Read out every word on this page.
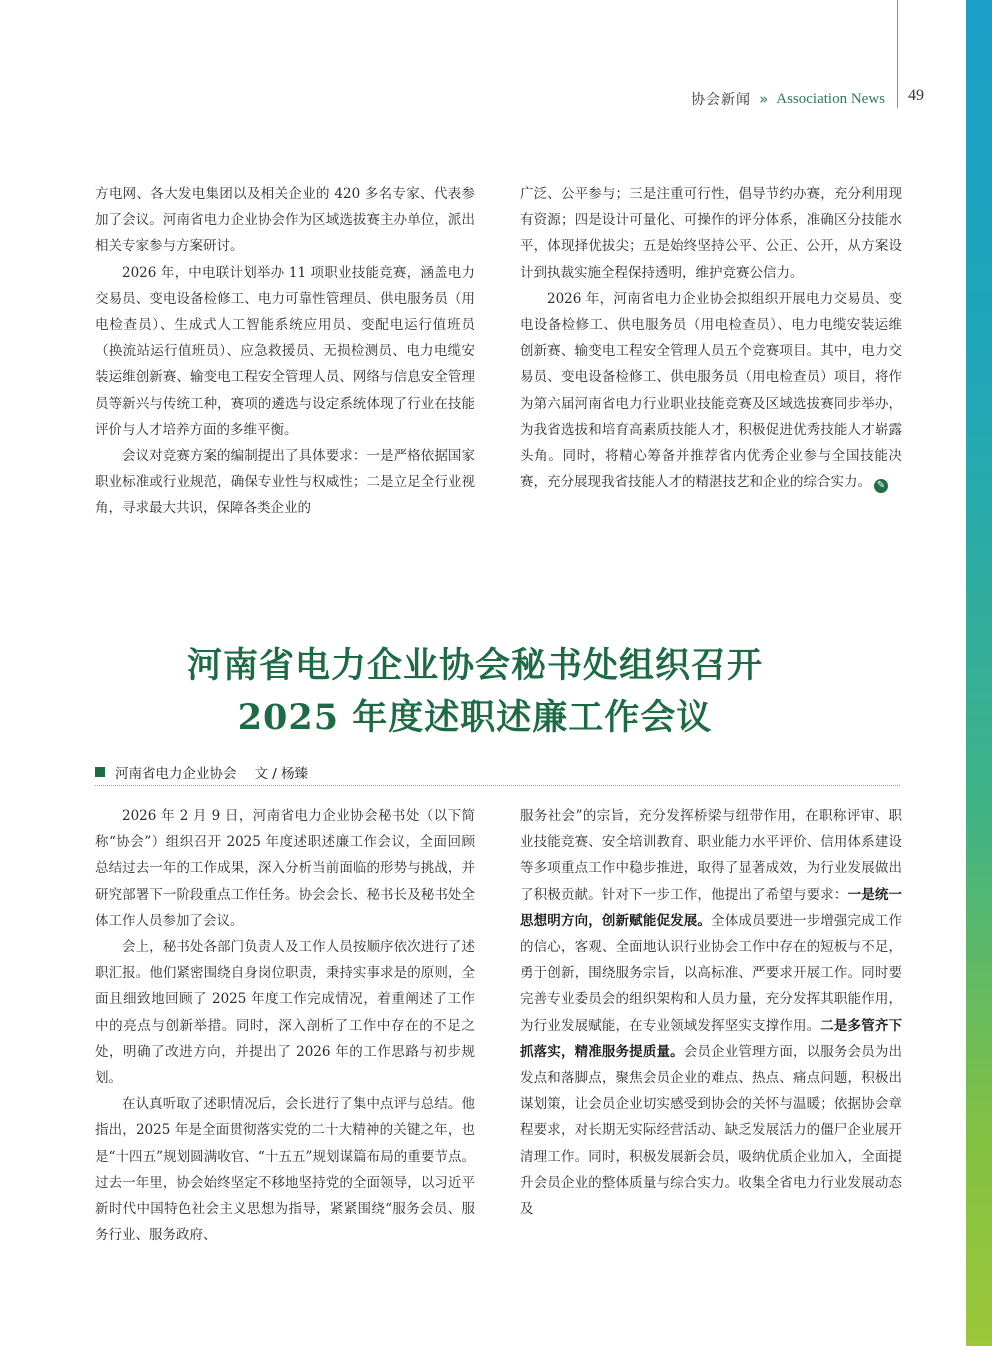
协会新闻 » Association News 49

方电网、各大发电集团以及相关企业的 420 多名专家、代表参加了会议。河南省电力企业协会作为区域选拔赛主办单位，派出相关专家参与方案研讨。

2026 年，中电联计划举办 11 项职业技能竞赛，涵盖电力交易员、变电设备检修工、电力可靠性管理员、供电服务员（用电检查员）、生成式人工智能系统应用员、变配电运行值班员（换流站运行值班员）、应急救援员、无损检测员、电力电缆安装运维创新赛、输变电工程安全管理人员、网络与信息安全管理员等新兴与传统工种，赛项的遴选与设定系统体现了行业在技能评价与人才培养方面的多维平衡。

会议对竞赛方案的编制提出了具体要求：一是严格依据国家职业标准或行业规范，确保专业性与权威性；二是立足全行业视角，寻求最大共识，保障各类企业的

广泛、公平参与；三是注重可行性，倡导节约办赛，充分利用现有资源；四是设计可量化、可操作的评分体系，准确区分技能水平，体现择优拔尖；五是始终坚持公平、公正、公开，从方案设计到执裁实施全程保持透明，维护竞赛公信力。

2026 年，河南省电力企业协会拟组织开展电力交易员、变电设备检修工、供电服务员（用电检查员）、电力电缆安装运维创新赛、输变电工程安全管理人员五个竞赛项目。其中，电力交易员、变电设备检修工、供电服务员（用电检查员）项目，将作为第六届河南省电力行业职业技能竞赛及区域选拔赛同步举办，为我省选拔和培育高素质技能人才，积极促进优秀技能人才崭露头角。同时，将精心筹备并推荐省内优秀企业参与全国技能决赛，充分展现我省技能人才的精湛技艺和企业的综合实力。 ✎

河南省电力企业协会秘书处组织召开
2025 年度述职述廉工作会议
河南省电力企业协会 文 / 杨臻

2026 年 2 月 9 日，河南省电力企业协会秘书处（以下简称“协会”）组织召开 2025 年度述职述廉工作会议，全面回顾总结过去一年的工作成果，深入分析当前面临的形势与挑战，并研究部署下一阶段重点工作任务。协会会长、秘书长及秘书处全体工作人员参加了会议。

会上，秘书处各部门负责人及工作人员按顺序依次进行了述职汇报。他们紧密围绕自身岗位职责，秉持实事求是的原则，全面且细致地回顾了 2025 年度工作完成情况，着重阐述了工作中的亮点与创新举措。同时，深入剖析了工作中存在的不足之处，明确了改进方向，并提出了 2026 年的工作思路与初步规划。

在认真听取了述职情况后，会长进行了集中点评与总结。他指出，2025 年是全面贯彻落实党的二十大精神的关键之年，也是“十四五”规划圆满收官、“十五五”规划谋篇布局的重要节点。过去一年里，协会始终坚定不移地坚持党的全面领导，以习近平新时代中国特色社会主义思想为指导，紧紧围绕“服务会员、服务行业、服务政府、

服务社会”的宗旨，充分发挥桥梁与纽带作用，在职称评审、职业技能竞赛、安全培训教育、职业能力水平评价、信用体系建设等多项重点工作中稳步推进，取得了显著成效，为行业发展做出了积极贡献。针对下一步工作，他提出了希望与要求：一是统一思想明方向，创新赋能促发展。全体成员要进一步增强完成工作的信心，客观、全面地认识行业协会工作中存在的短板与不足，勇于创新，围绕服务宗旨，以高标准、严要求开展工作。同时要完善专业委员会的组织架构和人员力量，充分发挥其职能作用，为行业发展赋能，在专业领域发挥坚实支撑作用。二是多管齐下抓落实，精准服务提质量。会员企业管理方面，以服务会员为出发点和落脚点，聚焦会员企业的难点、热点、痛点问题，积极出谋划策，让会员企业切实感受到协会的关怀与温暖；依据协会章程要求，对长期无实际经营活动、缺乏发展活力的僵尸企业展开清理工作。同时，积极发展新会员，吸纳优质企业加入，全面提升会员企业的整体质量与综合实力。收集全省电力行业发展动态及
